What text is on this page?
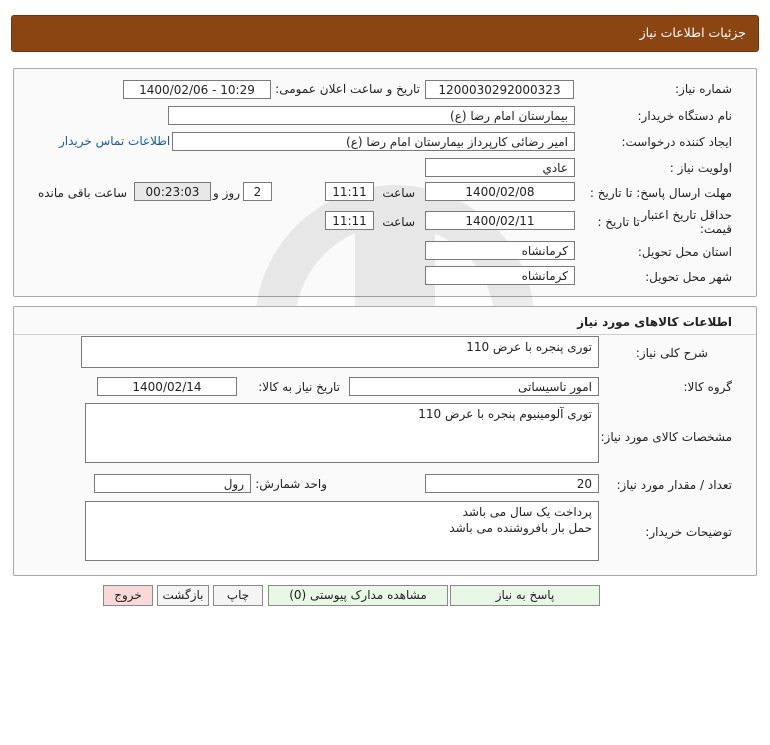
جزئیات اطلاعات نیاز
شماره نیاز:
1200030292000323
تاریخ و ساعت اعلان عمومی:
1400/02/06 - 10:29
نام دستگاه خریدار:
بیمارستان امام رضا (ع)
ایجاد کننده درخواست:
امیر رضائی کارپرداز بیمارستان امام رضا (ع)
اطلاعات تماس خریدار
اولویت نیاز :
عادي
مهلت ارسال پاسخ: تا تاریخ :
1400/02/08
ساعت
11:11
2
روز و
00:23:03
ساعت باقی مانده
حداقل تاریخ اعتبار قیمت:
تا تاریخ :
1400/02/11
ساعت
11:11
استان محل تحویل:
کرمانشاه
شهر محل تحویل:
کرمانشاه
اطلاعات کالاهای مورد نیاز
شرح کلی نیاز:
توری پنجره با عرض 110
گروه کالا:
امور تاسیساتی
تاریخ نیاز به کالا:
1400/02/14
مشخصات کالای مورد نیاز:
توری آلومینیوم پنجره با عرض 110
تعداد / مقدار مورد نیاز:
20
واحد شمارش:
رول
توضیحات خریدار:
پرداخت یک سال می باشد
حمل بار بافروشنده می باشد
پاسخ به نیاز
مشاهده مدارک پیوستی (0)
چاپ
بازگشت
خروج
